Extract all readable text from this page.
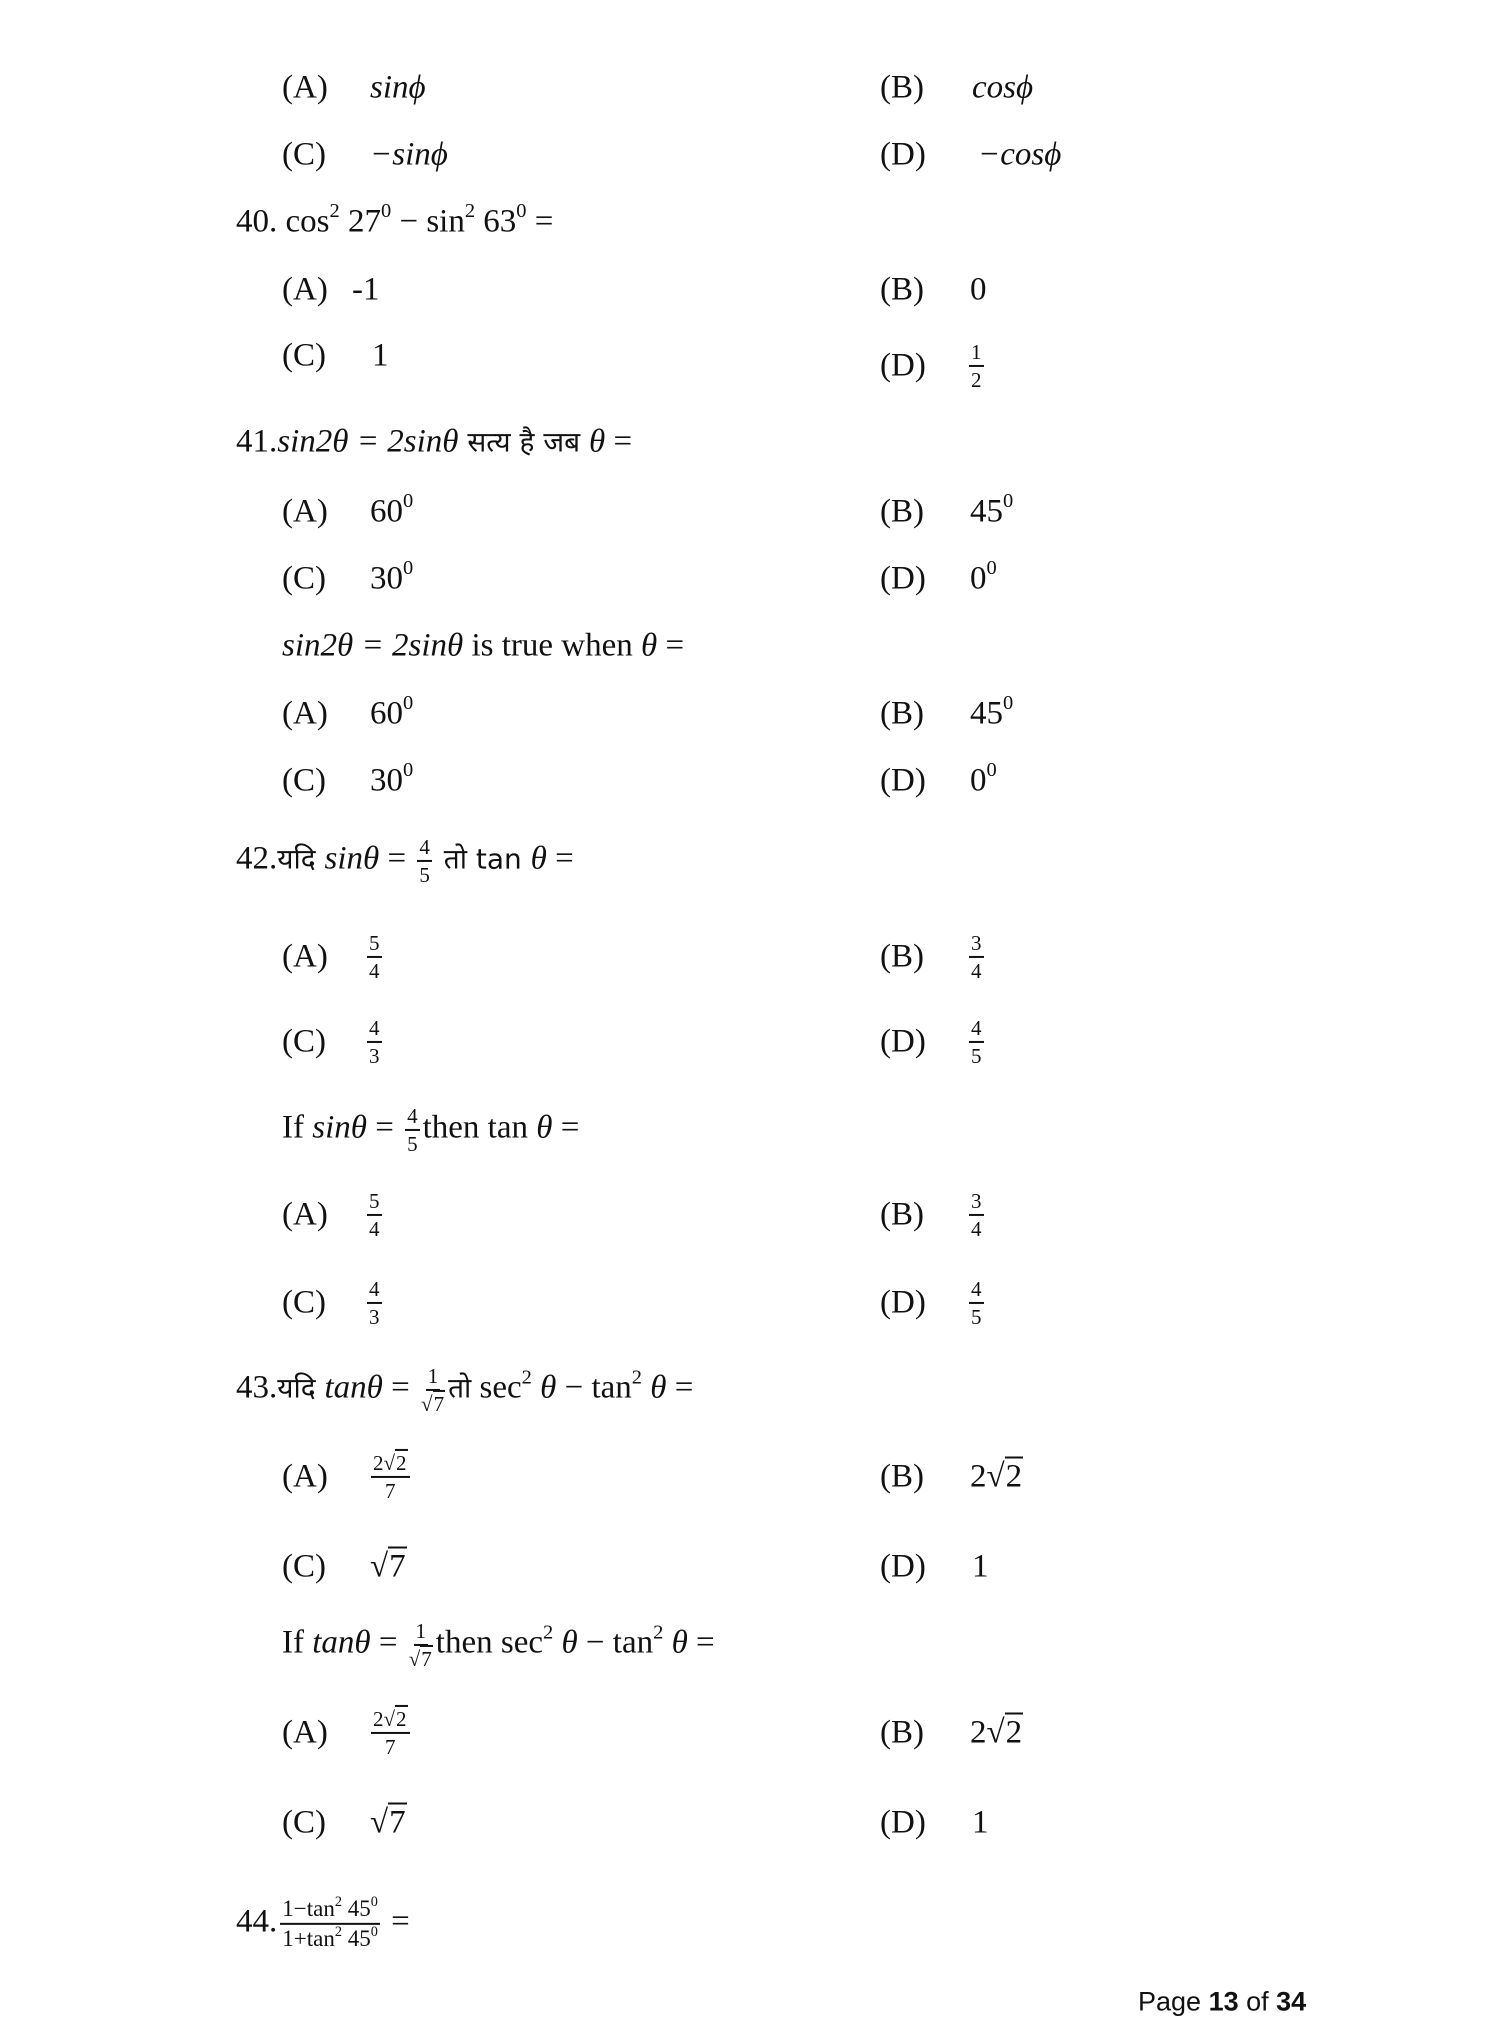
(A) sinϕ	(B) cosϕ
(C) −sinϕ	(D) −cosϕ
40. $\cos^2 27^0 - \sin^2 63^0$ =
(A) -1	(B) 0
(C) 1	$(D) \frac{1}{2}$
41.sin2θ = 2sinθ सत्य है जब θ =
(A) $60^0$	(B) $45^0$
(C) $30^0$	(D) $0^0$
sin2θ = 2sinθ is true when θ =
(A) $60^0$	(B) $45^0$
(C) $30^0$	(D) $0^0$
42.यदि $\sin\theta = \frac{4}{5}$ तो tan θ =
$(A) \frac{5}{4}$	$(B) \frac{3}{4}$
$(C) \frac{4}{3}$	$(D) \frac{4}{5}$
If $\sin\theta = \frac{4}{5}$ then tan θ =
$(A) \frac{5}{4}$	$(B) \frac{3}{4}$
$(C) \frac{4}{3}$	$(D) \frac{4}{5}$
43.यदि $\tan\theta = \frac{1}{√7}$ तो $\sec^2 \theta - \tan^2 \theta$ =
$(A) \frac{2√2}{7}$	(B) 2√2
(C) √7	(D) 1
If $\tan\theta = \frac{1}{√7}$ then $\sec^2 \theta - \tan^2 \theta$ =
$(A) \frac{2√2}{7}$	(B) 2√2
(C) √7	(D) 1
44. $\frac{1-\tan^2 45^0}{1+\tan^2 45^0}$ =
Page 13 of 34
